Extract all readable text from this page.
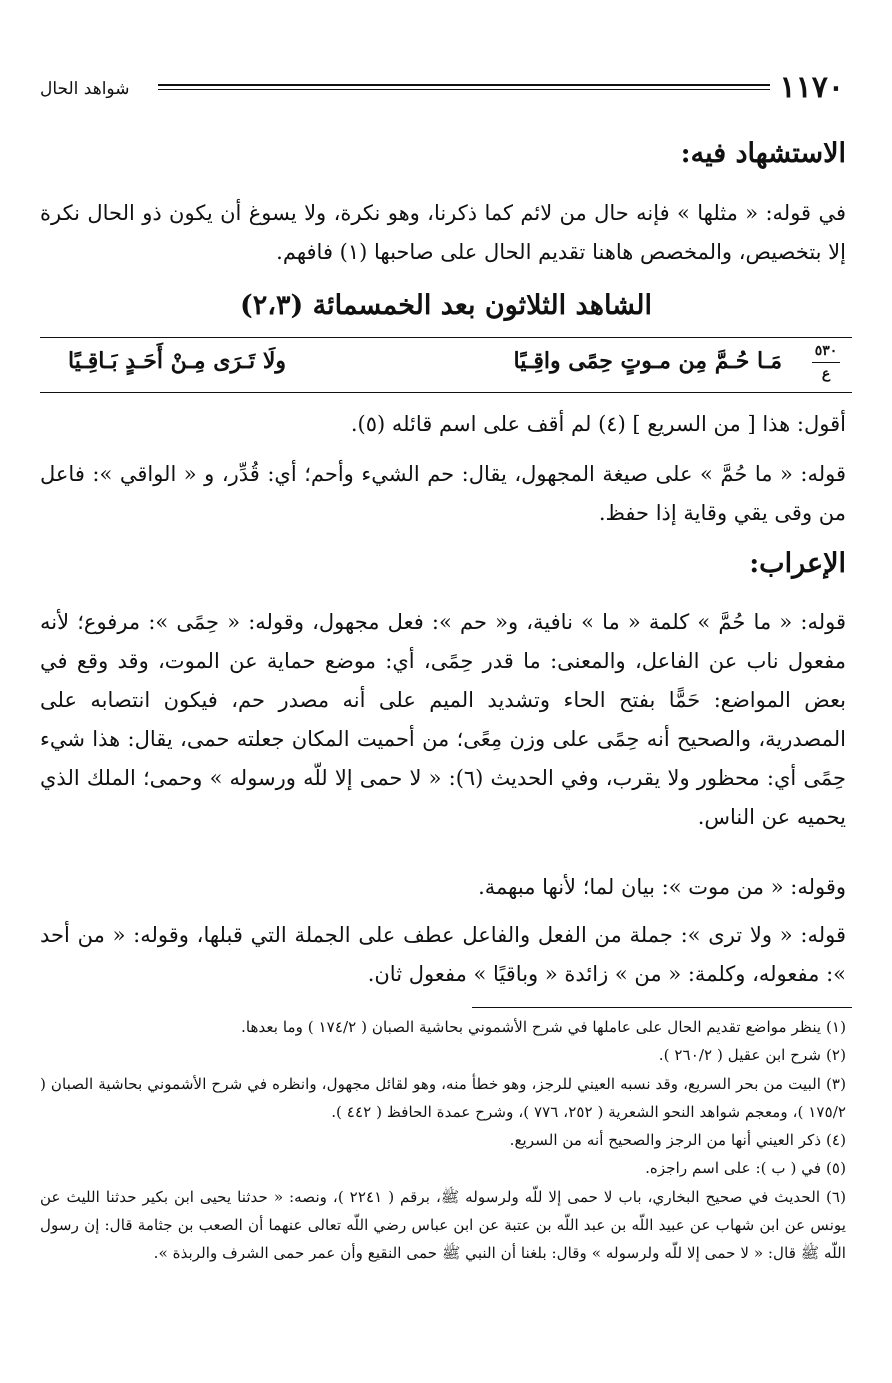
١١٧٠
شواهد الحال
الاستشهاد فيه:
في قوله: « مثلها » فإنه حال من لائم كما ذكرنا، وهو نكرة، ولا يسوغ أن يكون ذو الحال نكرة إلا بتخصيص، والمخصص هاهنا تقديم الحال على صاحبها (١) فافهم.
الشاهد الثلاثون بعد الخمسمائة (٢،٣)
٥٣٠
ع
مَـا حُـمَّ مِن مـوتٍ حِمًى واقِـيًا
ولَا تَـرَى مِـنْ أَحَـدٍ بَـاقِـيًا
أقول: هذا [ من السريع ] (٤) لم أقف على اسم قائله (٥).
قوله: « ما حُمَّ » على صيغة المجهول، يقال: حم الشيء وأحم؛ أي: قُدِّر، و « الواقي »: فاعل من وقى يقي وقاية إذا حفظ.
الإعراب:
قوله: « ما حُمَّ » كلمة « ما » نافية، و« حم »: فعل مجهول، وقوله: « حِمًى »: مرفوع؛ لأنه مفعول ناب عن الفاعل، والمعنى: ما قدر حِمًى، أي: موضع حماية عن الموت، وقد وقع في بعض المواضع: حَمًّا بفتح الحاء وتشديد الميم على أنه مصدر حم، فيكون انتصابه على المصدرية، والصحيح أنه حِمًى على وزن مِعًى؛ من أحميت المكان جعلته حمى، يقال: هذا شيء حِمًى أي: محظور ولا يقرب، وفي الحديث (٦): « لا حمى إلا للّه ورسوله » وحمى؛ الملك الذي يحميه عن الناس.
وقوله: « من موت »: بيان لما؛ لأنها مبهمة.
قوله: « ولا ترى »: جملة من الفعل والفاعل عطف على الجملة التي قبلها، وقوله: « من أحد »: مفعوله، وكلمة: « من » زائدة « وباقيًا » مفعول ثان.

(١) ينظر مواضع تقديم الحال على عاملها في شرح الأشموني بحاشية الصبان ( ١٧٤/٢ ) وما بعدها.

(٢) شرح ابن عقيل ( ٢٦٠/٢ ).

(٣) البيت من بحر السريع، وقد نسبه العيني للرجز، وهو خطأ منه، وهو لقائل مجهول، وانظره في شرح الأشموني بحاشية الصبان ( ١٧٥/٢ )، ومعجم شواهد النحو الشعرية ( ٢٥٢، ٧٧٦ )، وشرح عمدة الحافظ ( ٤٤٢ ).

(٤) ذكر العيني أنها من الرجز والصحيح أنه من السريع.

(٥) في ( ب ): على اسم راجزه.

(٦) الحديث في صحيح البخاري، باب لا حمى إلا للّه ولرسوله ﷺ، برقم ( ٢٢٤١ )، ونصه: « حدثنا يحيى ابن بكير حدثنا الليث عن يونس عن ابن شهاب عن عبيد اللّه بن عبد اللّه بن عتبة عن ابن عباس رضي اللّه تعالى عنهما أن الصعب بن جثامة قال: إن رسول اللّه ﷺ قال: « لا حمى إلا للّه ولرسوله » وقال: بلغنا أن النبي ﷺ حمى النقيع وأن عمر حمى الشرف والربذة ».
